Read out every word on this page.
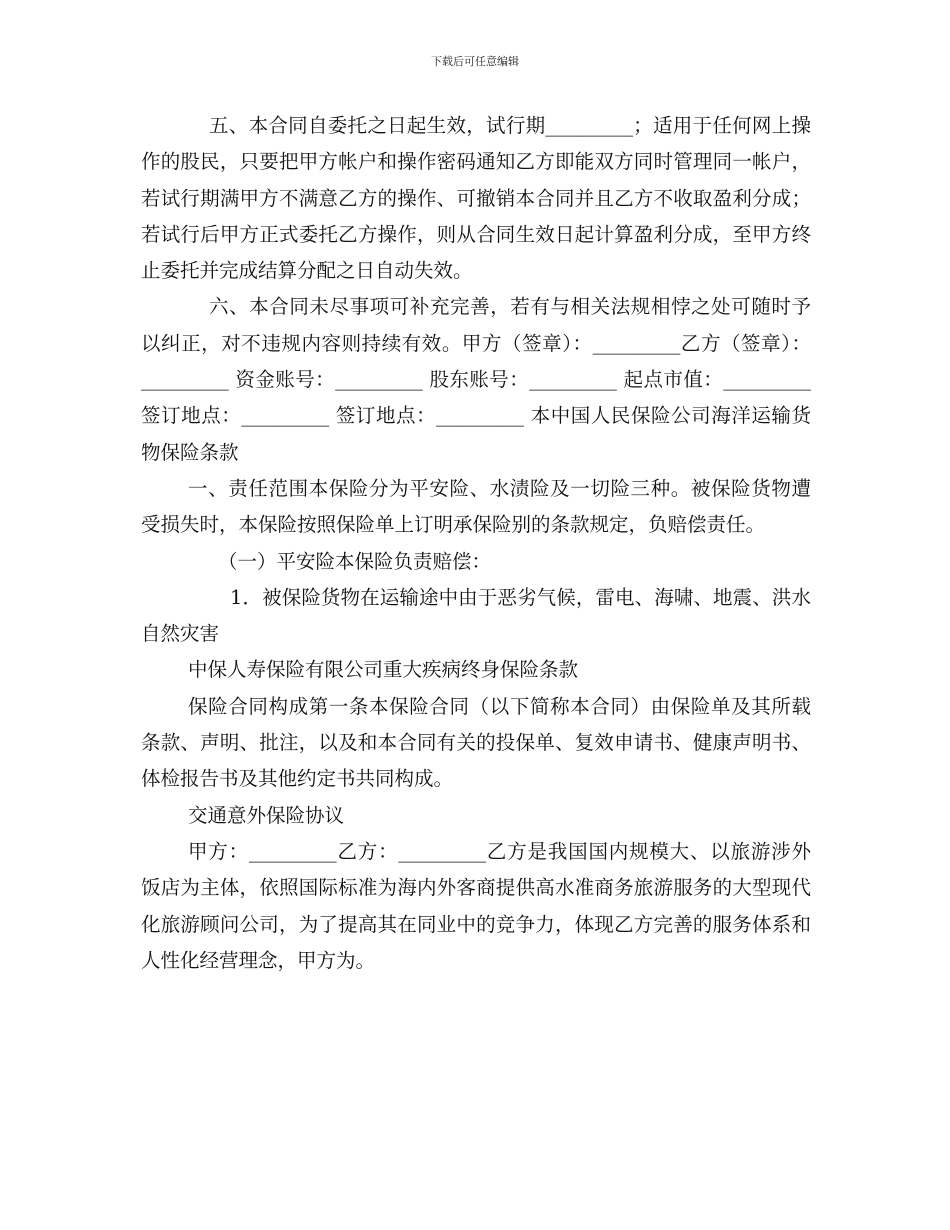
下载后可任意编辑

五、本合同自委托之日起生效，试行期_________；适用于任何网上操作的股民，只要把甲方帐户和操作密码通知乙方即能双方同时管理同一帐户，若试行期满甲方不满意乙方的操作、可撤销本合同并且乙方不收取盈利分成；若试行后甲方正式委托乙方操作，则从合同生效日起计算盈利分成，至甲方终止委托并完成结算分配之日自动失效。

六、本合同未尽事项可补充完善，若有与相关法规相悖之处可随时予以纠正，对不违规内容则持续有效。甲方（签章）：_________乙方（签章）：_________ 资金账号：_________ 股东账号：_________ 起点市值：_________ 签订地点：_________ 签订地点：_________ 本中国人民保险公司海洋运输货物保险条款

一、责任范围本保险分为平安险、水渍险及一切险三种。被保险货物遭受损失时，本保险按照保险单上订明承保险别的条款规定，负赔偿责任。

（一）平安险本保险负责赔偿：

1．被保险货物在运输途中由于恶劣气候，雷电、海啸、地震、洪水自然灾害

中保人寿保险有限公司重大疾病终身保险条款

保险合同构成第一条本保险合同（以下简称本合同）由保险单及其所载条款、声明、批注，以及和本合同有关的投保单、复效申请书、健康声明书、体检报告书及其他约定书共同构成。

交通意外保险协议

甲方：_________乙方：_________乙方是我国国内规模大、以旅游涉外饭店为主体，依照国际标准为海内外客商提供高水准商务旅游服务的大型现代化旅游顾问公司，为了提高其在同业中的竞争力，体现乙方完善的服务体系和人性化经营理念，甲方为。
